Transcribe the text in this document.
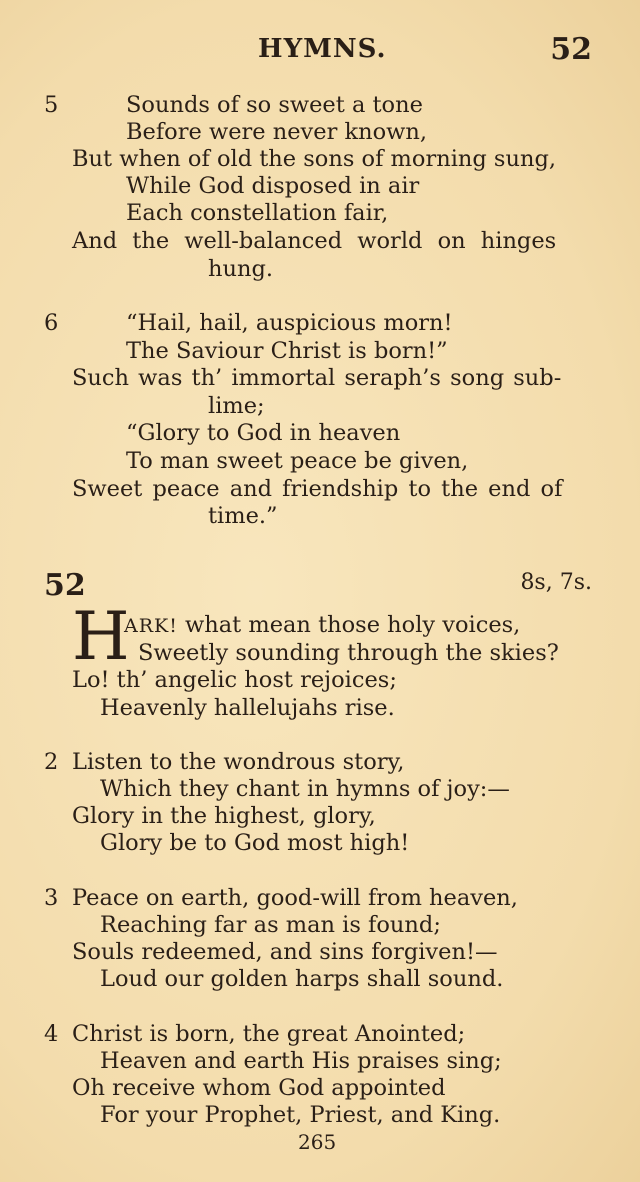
HYMNS.	52
5	Sounds of so sweet a tone
Before were never known,
But when of old the sons of morning sung,
While God disposed in air
Each constellation fair,
And the well-balanced world on hinges
hung.
6	“Hail, hail, auspicious morn!
The Saviour Christ is born!”
Such was th’ immortal seraph’s song sub-
lime;
“Glory to God in heaven
To man sweet peace be given,
Sweet peace and friendship to the end of
time.”
52	8s, 7s.
H
ARK! what mean those holy voices,
Sweetly sounding through the skies?
Lo! th’ angelic host rejoices;
Heavenly hallelujahs rise.
2 Listen to the wondrous story,
Which they chant in hymns of joy:—
Glory in the highest, glory,
Glory be to God most high!
3 Peace on earth, good-will from heaven,
Reaching far as man is found;
Souls redeemed, and sins forgiven!—
Loud our golden harps shall sound.
4 Christ is born, the great Anointed;
Heaven and earth His praises sing;
Oh receive whom God appointed
For your Prophet, Priest, and King.
265
